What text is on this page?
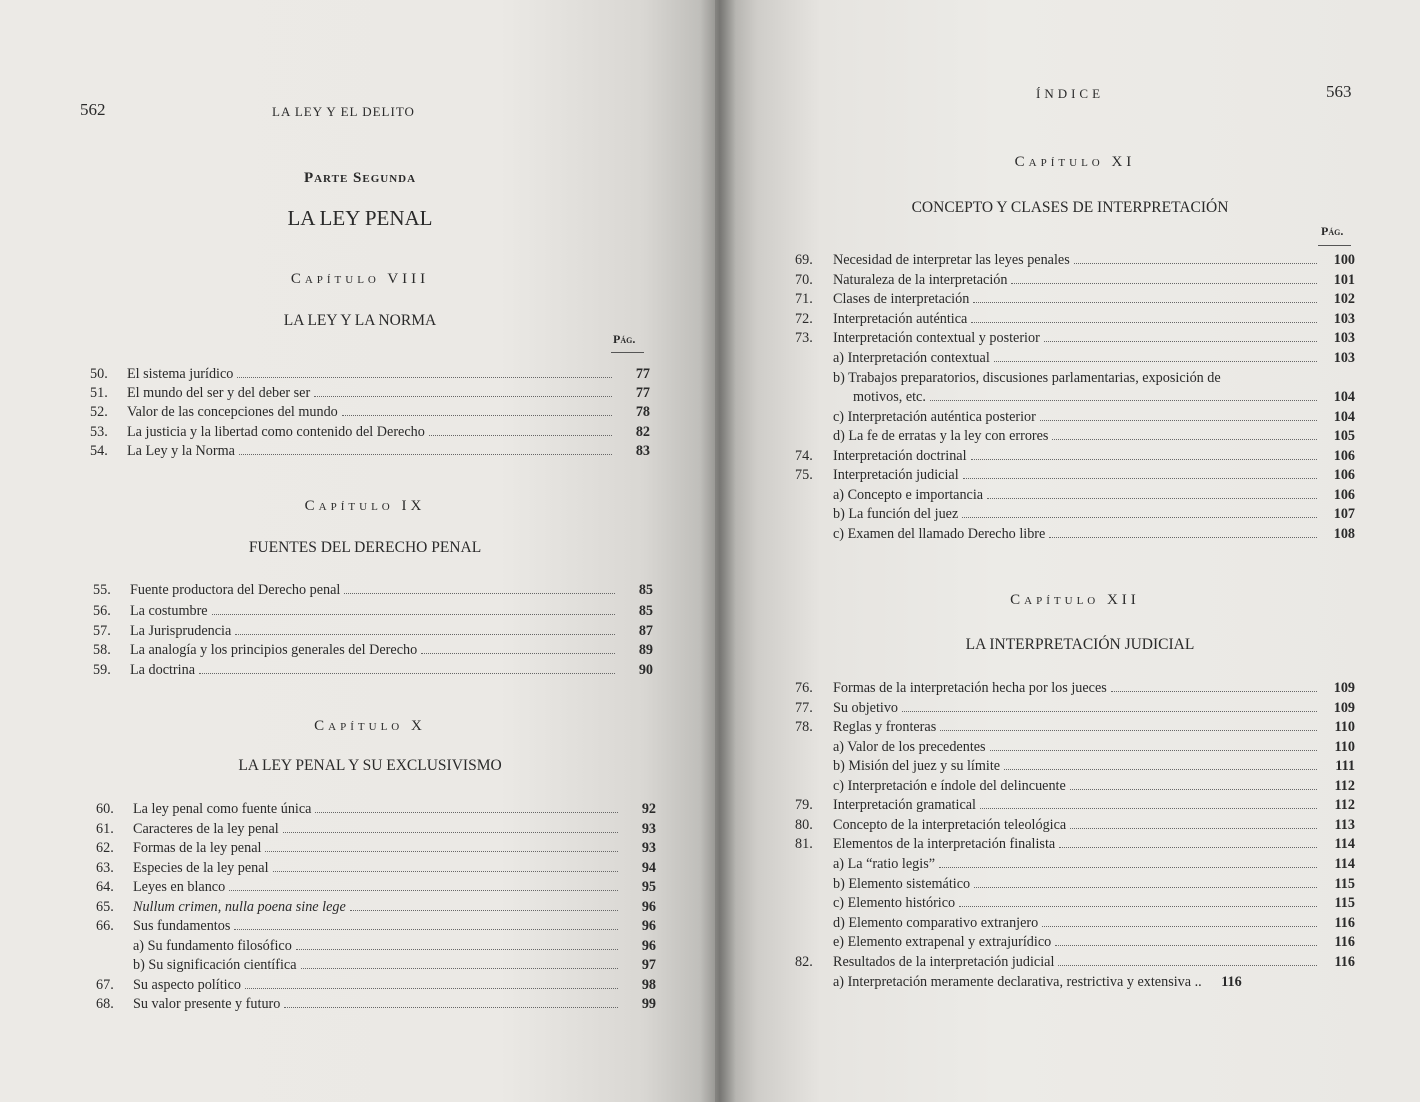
562	LA LEY Y EL DELITO
Parte Segunda
LA LEY PENAL
Capítulo VIII
LA LEY Y LA NORMA
Pág.
50.	El sistema jurídico	77
51.	El mundo del ser y del deber ser	77
52.	Valor de las concepciones del mundo	78
53.	La justicia y la libertad como contenido del Derecho	82
54.	La Ley y la Norma	83
Capítulo IX
FUENTES DEL DERECHO PENAL
55.	Fuente productora del Derecho penal	85
56.	La costumbre	85
57.	La Jurisprudencia	87
58.	La analogía y los principios generales del Derecho	89
59.	La doctrina	90
Capítulo X
LA LEY PENAL Y SU EXCLUSIVISMO
60.	La ley penal como fuente única	92
61.	Caracteres de la ley penal	93
62.	Formas de la ley penal	93
63.	Especies de la ley penal	94
64.	Leyes en blanco	95
65.	Nullum crimen, nulla poena sine lege	96
66.	Sus fundamentos	96
a) Su fundamento filosófico	96
b) Su significación científica	97
67.	Su aspecto político	98
68.	Su valor presente y futuro	99
ÍNDICE	563
Capítulo XI
CONCEPTO Y CLASES DE INTERPRETACIÓN
Pág.
69.	Necesidad de interpretar las leyes penales	100
70.	Naturaleza de la interpretación	101
71.	Clases de interpretación	102
72.	Interpretación auténtica	103
73.	Interpretación contextual y posterior	103
a) Interpretación contextual	103
b) Trabajos preparatorios, discusiones parlamentarias, exposición de
motivos, etc.	104
c) Interpretación auténtica posterior	104
d) La fe de erratas y la ley con errores	105
74.	Interpretación doctrinal	106
75.	Interpretación judicial	106
a) Concepto e importancia	106
b) La función del juez	107
c) Examen del llamado Derecho libre	108
Capítulo XII
LA INTERPRETACIÓN JUDICIAL
76.	Formas de la interpretación hecha por los jueces	109
77.	Su objetivo	109
78.	Reglas y fronteras	110
a) Valor de los precedentes	110
b) Misión del juez y su límite	111
c) Interpretación e índole del delincuente	112
79.	Interpretación gramatical	112
80.	Concepto de la interpretación teleológica	113
81.	Elementos de la interpretación finalista	114
a) La “ratio legis”	114
b) Elemento sistemático	115
c) Elemento histórico	115
d) Elemento comparativo extranjero	116
e) Elemento extrapenal y extrajurídico	116
82.	Resultados de la interpretación judicial	116
a) Interpretación meramente declarativa, restrictiva y extensiva ..	116
